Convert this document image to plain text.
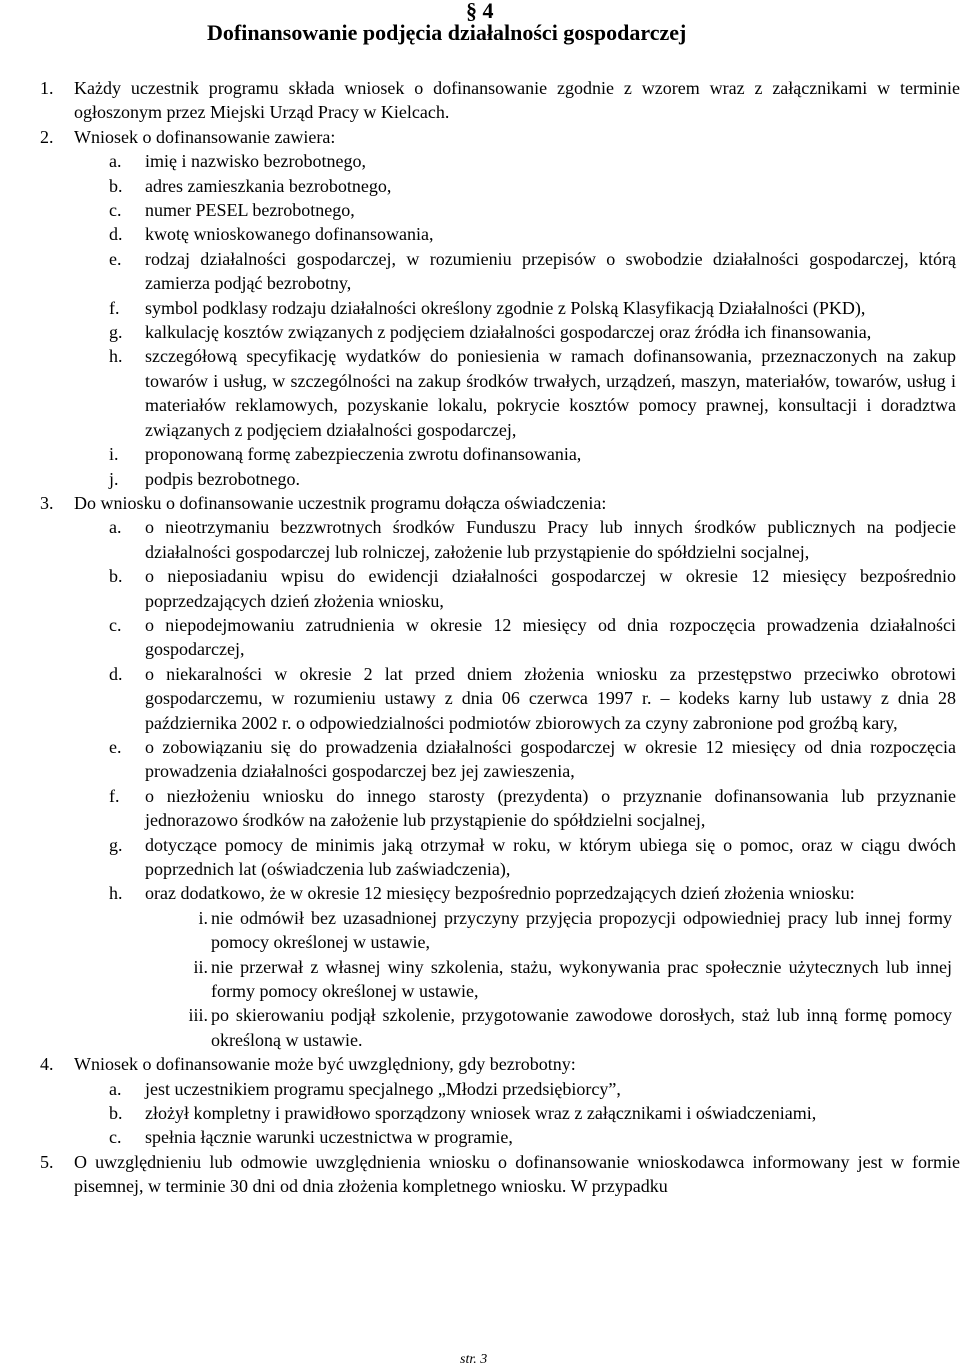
§ 4
Dofinansowanie podjęcia działalności gospodarczej
1.	Każdy uczestnik programu składa wniosek o dofinansowanie zgodnie z wzorem wraz z załącznikami w terminie ogłoszonym przez Miejski Urząd Pracy w Kielcach.
2.	Wniosek o dofinansowanie zawiera:
a.	imię i nazwisko bezrobotnego,
b.	adres zamieszkania bezrobotnego,
c.	numer PESEL bezrobotnego,
d.	kwotę wnioskowanego dofinansowania,
e.	rodzaj działalności gospodarczej, w rozumieniu przepisów o swobodzie działalności gospodarczej, którą zamierza podjąć bezrobotny,
f.	symbol podklasy rodzaju działalności określony zgodnie z Polską Klasyfikacją Działalności (PKD),
g.	kalkulację kosztów związanych z podjęciem działalności gospodarczej oraz źródła ich finansowania,
h.	szczegółową specyfikację wydatków do poniesienia w ramach dofinansowania, przeznaczonych na zakup towarów i usług, w szczególności na zakup środków trwałych, urządzeń, maszyn, materiałów, towarów, usług i materiałów reklamowych, pozyskanie lokalu, pokrycie kosztów pomocy prawnej, konsultacji i doradztwa związanych z podjęciem działalności gospodarczej,
i.	proponowaną formę zabezpieczenia zwrotu dofinansowania,
j.	podpis bezrobotnego.
3.	Do wniosku o dofinansowanie uczestnik programu dołącza oświadczenia:
a.	o nieotrzymaniu bezzwrotnych środków Funduszu Pracy lub innych środków publicznych na podjecie działalności gospodarczej lub rolniczej, założenie lub przystąpienie do spółdzielni socjalnej,
b.	o nieposiadaniu wpisu do ewidencji działalności gospodarczej w okresie 12 miesięcy bezpośrednio poprzedzających dzień złożenia wniosku,
c.	o niepodejmowaniu zatrudnienia w okresie 12 miesięcy od dnia rozpoczęcia prowadzenia działalności gospodarczej,
d.	o niekaralności w okresie 2 lat przed dniem złożenia wniosku za przestępstwo przeciwko obrotowi gospodarczemu, w rozumieniu ustawy z dnia 06 czerwca 1997 r. – kodeks karny lub ustawy z dnia 28 października 2002 r. o odpowiedzialności podmiotów zbiorowych za czyny zabronione pod groźbą kary,
e.	o zobowiązaniu się do prowadzenia działalności gospodarczej w okresie 12 miesięcy od dnia rozpoczęcia prowadzenia działalności gospodarczej bez jej zawieszenia,
f.	o niezłożeniu wniosku do innego starosty (prezydenta) o przyznanie dofinansowania lub przyznanie jednorazowo środków na założenie lub przystąpienie do spółdzielni socjalnej,
g.	dotyczące pomocy de minimis jaką otrzymał w roku, w którym ubiega się o pomoc, oraz w ciągu dwóch poprzednich lat (oświadczenia lub zaświadczenia),
h.	oraz dodatkowo, że w okresie 12 miesięcy bezpośrednio poprzedzających dzień złożenia wniosku:
i. nie odmówił bez uzasadnionej przyczyny przyjęcia propozycji odpowiedniej pracy lub innej formy pomocy określonej w ustawie,
ii. nie przerwał z własnej winy szkolenia, stażu, wykonywania prac społecznie użytecznych lub innej formy pomocy określonej w ustawie,
iii. po skierowaniu podjął szkolenie, przygotowanie zawodowe dorosłych, staż lub inną formę pomocy określoną w ustawie.
4.	Wniosek o dofinansowanie może być uwzględniony, gdy bezrobotny:
a.	jest uczestnikiem programu specjalnego „Młodzi przedsiębiorcy”,
b.	złożył kompletny i prawidłowo sporządzony wniosek wraz z załącznikami i oświadczeniami,
c.	spełnia łącznie warunki uczestnictwa w programie,
5.	O uwzględnieniu lub odmowie uwzględnienia wniosku o dofinansowanie wnioskodawca informowany jest w formie pisemnej, w terminie 30 dni od dnia złożenia kompletnego wniosku. W przypadku
str. 3
